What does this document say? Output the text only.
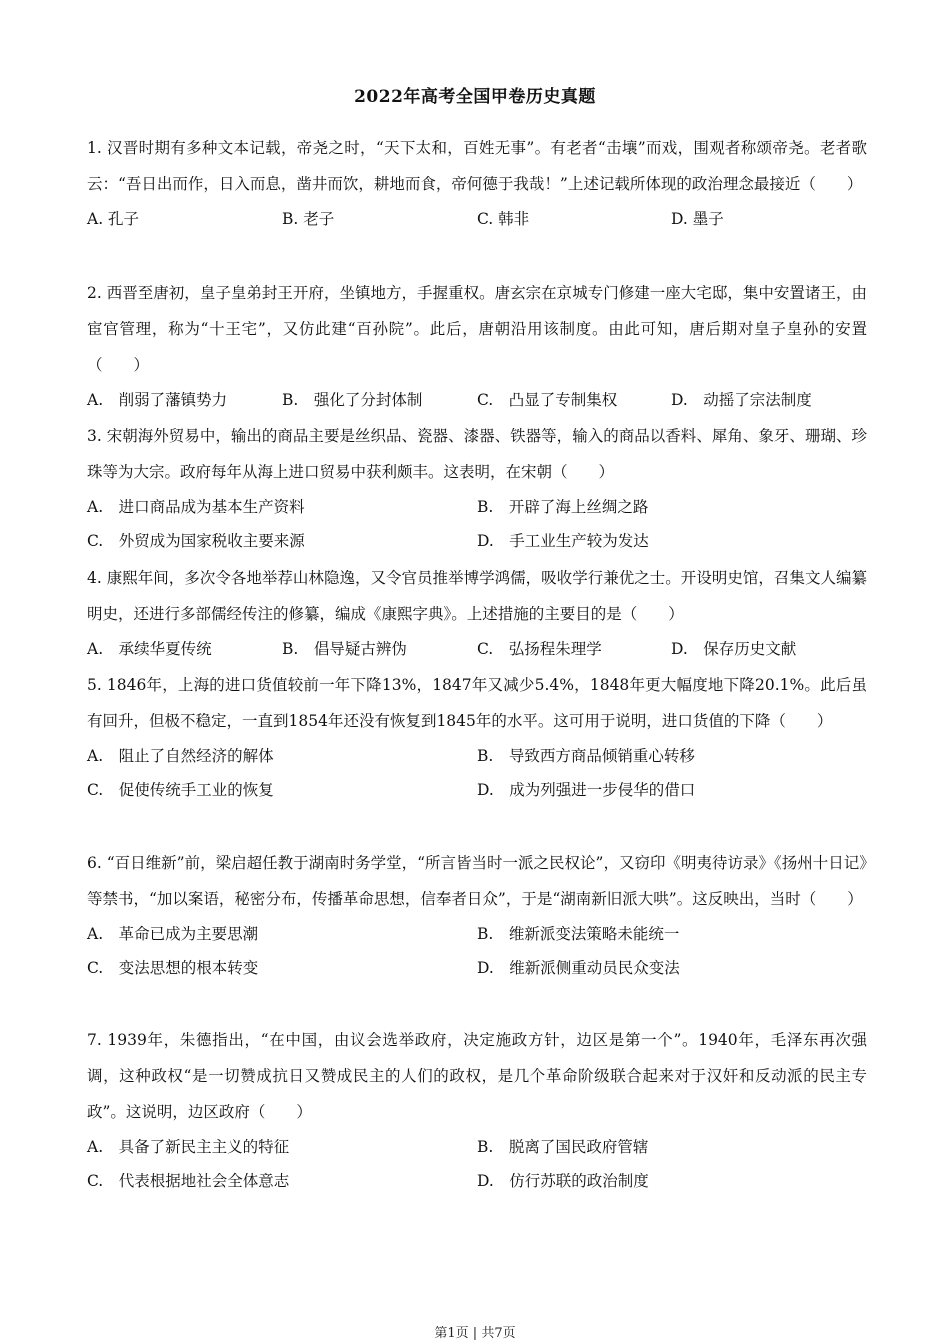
2022年高考全国甲卷历史真题

1. 汉晋时期有多种文本记载，帝尧之时，“天下太和，百姓无事”。有老者“击壤”而戏，围观者称颂帝尧。老者歌云：“吾日出而作，日入而息，凿井而饮，耕地而食，帝何德于我哉！”上述记载所体现的政治理念最接近（　　）

A. 孔子	B. 老子	C. 韩非	D. 墨子

2. 西晋至唐初，皇子皇弟封王开府，坐镇地方，手握重权。唐玄宗在京城专门修建一座大宅邸，集中安置诸王，由宦官管理，称为“十王宅”，又仿此建“百孙院”。此后，唐朝沿用该制度。由此可知，唐后期对皇子皇孙的安置（　　）

A.　削弱了藩镇势力	B.　强化了分封体制	C.　凸显了专制集权	D.　动摇了宗法制度

3. 宋朝海外贸易中，输出的商品主要是丝织品、瓷器、漆器、铁器等，输入的商品以香料、犀角、象牙、珊瑚、珍珠等为大宗。政府每年从海上进口贸易中获利颇丰。这表明，在宋朝（　　）

A.　进口商品成为基本生产资料	B.　开辟了海上丝绸之路
C.　外贸成为国家税收主要来源	D.　手工业生产较为发达

4. 康熙年间，多次令各地举荐山林隐逸，又令官员推举博学鸿儒，吸收学行兼优之士。开设明史馆，召集文人编纂明史，还进行多部儒经传注的修纂，编成《康熙字典》。上述措施的主要目的是（　　）

A.　承续华夏传统	B.　倡导疑古辨伪	C.　弘扬程朱理学	D.　保存历史文献

5. 1846年，上海的进口货值较前一年下降13%，1847年又减少5.4%，1848年更大幅度地下降20.1%。此后虽有回升，但极不稳定，一直到1854年还没有恢复到1845年的水平。这可用于说明，进口货值的下降（　　）

A.　阻止了自然经济的解体	B.　导致西方商品倾销重心转移
C.　促使传统手工业的恢复	D.　成为列强进一步侵华的借口

6. “百日维新”前，梁启超任教于湖南时务学堂，“所言皆当时一派之民权论”，又窃印《明夷待访录》《扬州十日记》等禁书，“加以案语，秘密分布，传播革命思想，信奉者日众”，于是“湖南新旧派大哄”。这反映出，当时（　　）

A.　革命已成为主要思潮	B.　维新派变法策略未能统一
C.　变法思想的根本转变	D.　维新派侧重动员民众变法

7. 1939年，朱德指出，“在中国，由议会选举政府，决定施政方针，边区是第一个”。1940年，毛泽东再次强调，这种政权“是一切赞成抗日又赞成民主的人们的政权，是几个革命阶级联合起来对于汉奸和反动派的民主专政”。这说明，边区政府（　　）

A.　具备了新民主主义的特征	B.　脱离了国民政府管辖
C.　代表根据地社会全体意志	D.　仿行苏联的政治制度
第1页 | 共7页
